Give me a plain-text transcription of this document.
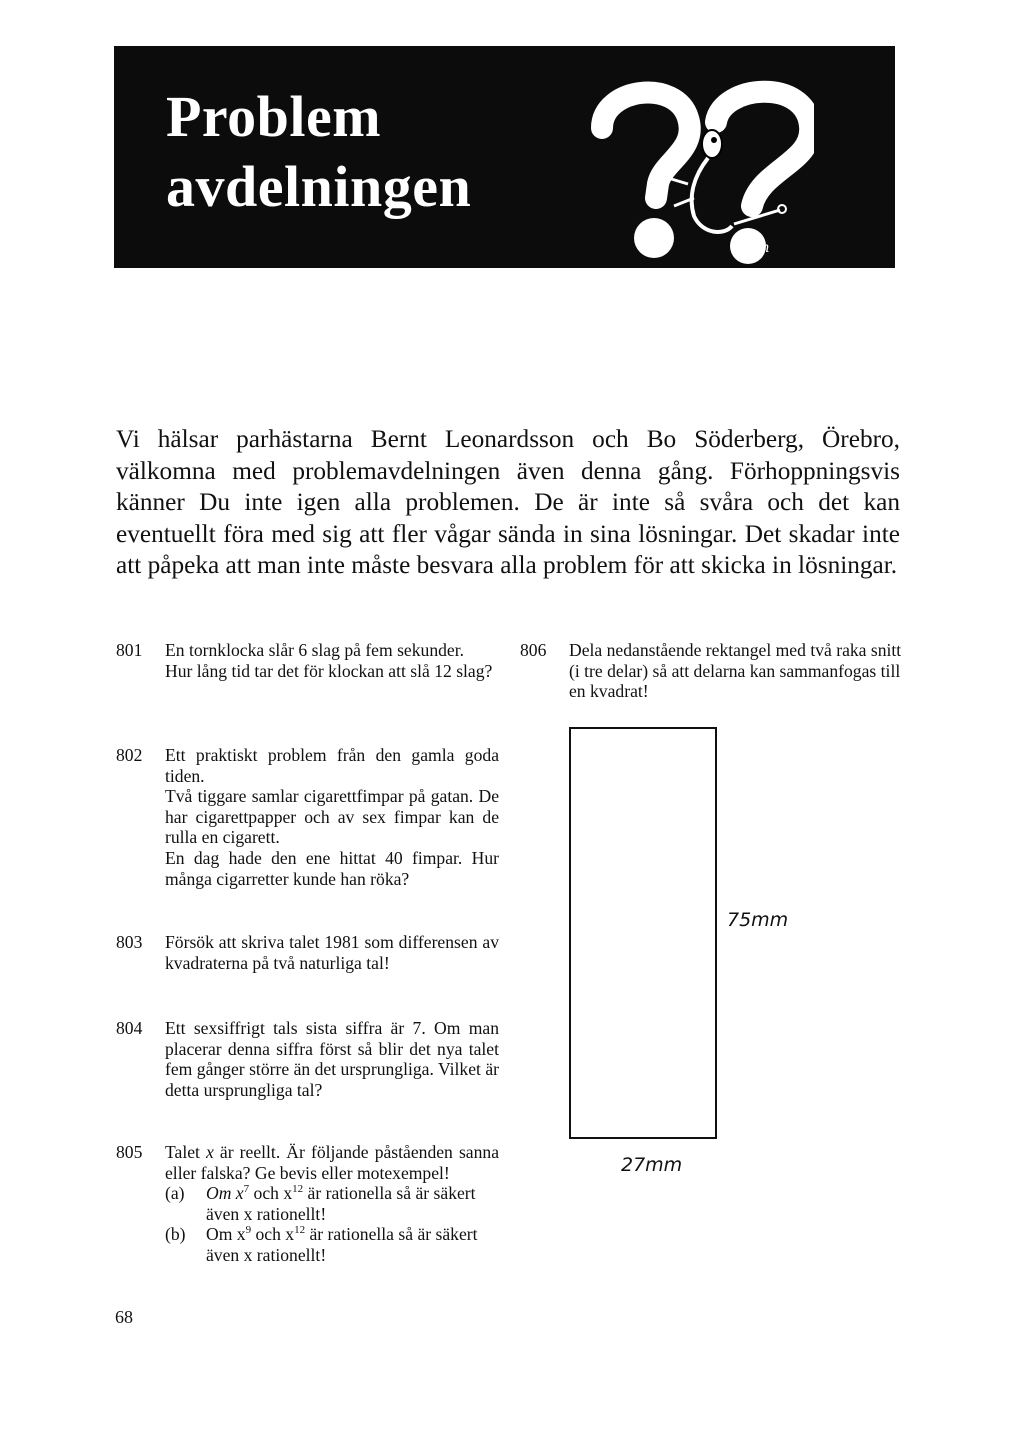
Problem
avdelningen
Em

Vi hälsar parhästarna Bernt Leonardsson och Bo Söderberg, Örebro, välkomna med problemavdelningen även denna gång. Förhoppningsvis känner Du inte igen alla problemen. De är inte så svåra och det kan eventuellt föra med sig att fler vågar sända in sina lösningar. Det skadar inte att påpeka att man inte måste besvara alla problem för att skicka in lösningar.

801 En tornklocka slår 6 slag på fem sekunder.

Hur lång tid tar det för klockan att slå 12 slag?

802 Ett praktiskt problem från den gamla goda tiden.

Två tiggare samlar cigarettfimpar på gatan. De har cigarettpapper och av sex fimpar kan de rulla en cigarett.

En dag hade den ene hittat 40 fimpar. Hur många cigarretter kunde han röka?

803 Försök att skriva talet 1981 som differensen av kvadraterna på två naturliga tal!

804 Ett sexsiffrigt tals sista siffra är 7. Om man placerar denna siffra först så blir det nya talet fem gånger större än det ursprungliga. Vilket är detta ursprungliga tal?

805 Talet x är reellt. Är följande påståenden sanna eller falska? Ge bevis eller motexempel!

(a)	Om $x^7$ och $x^{12}$ är rationella så är säkert även x rationellt!
(b)	Om $x^9$ och $x^{12}$ är rationella så är säkert även x rationellt!
806 Dela nedanstående rektangel med två raka snitt (i tre delar) så att delarna kan sammanfogas till en kvadrat!

75mm
27mm
68
